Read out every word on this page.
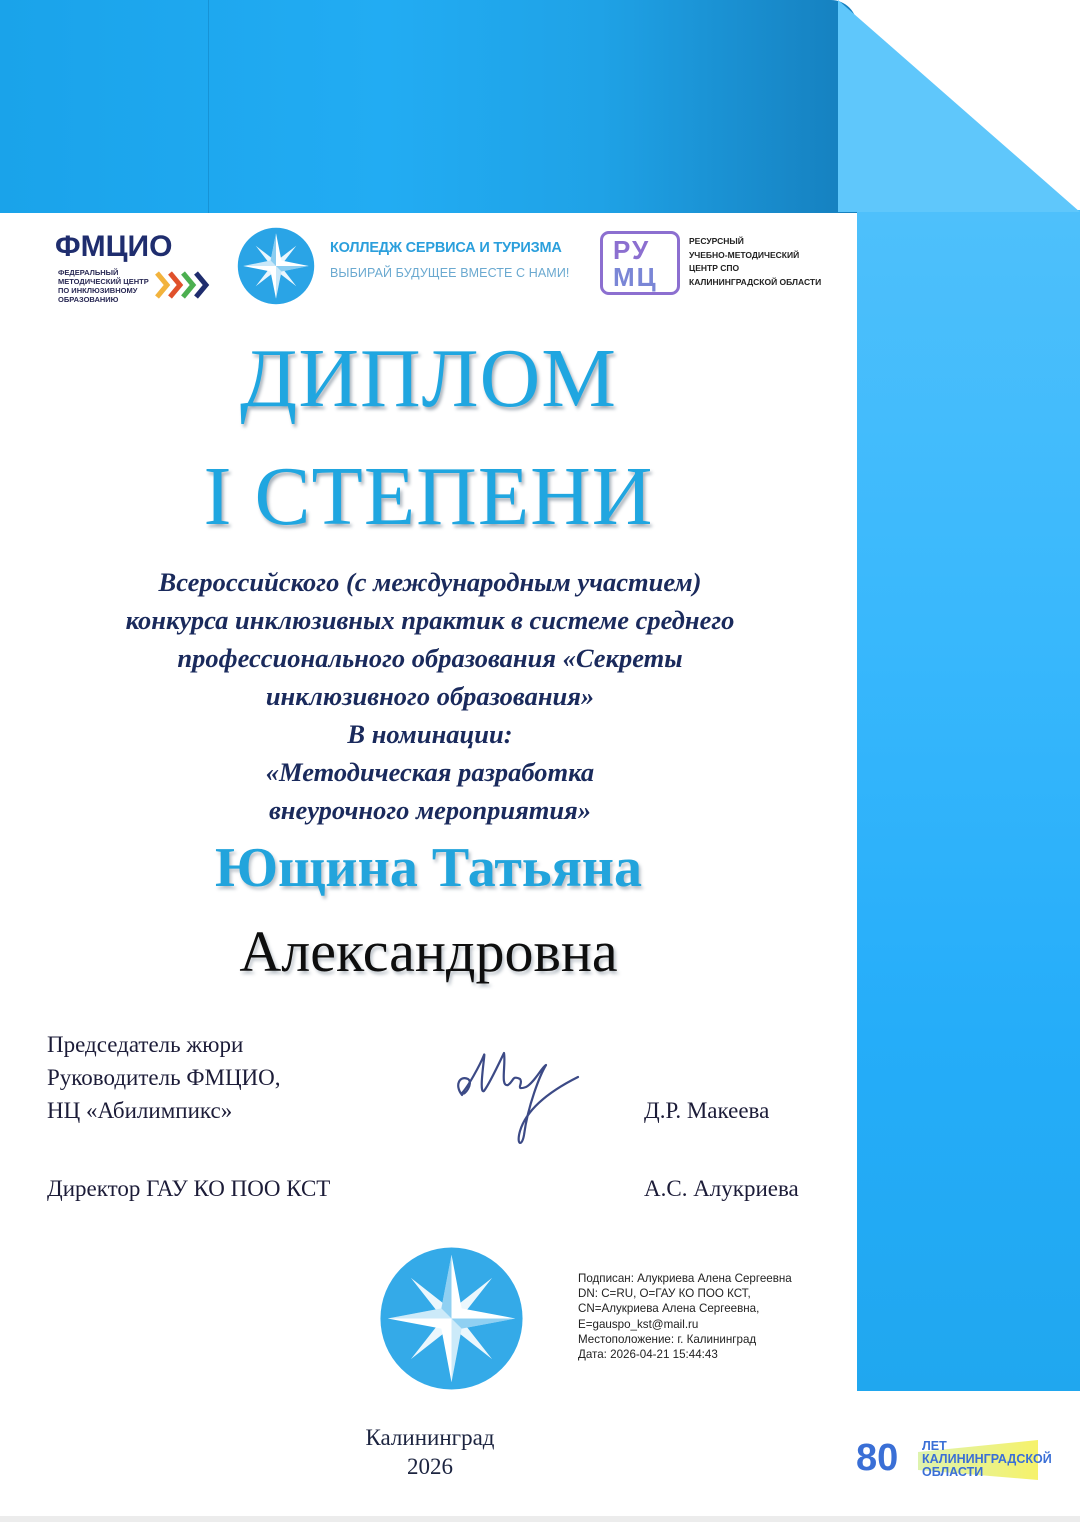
ФМЦИО
ФЕДЕРАЛЬНЫЙ
МЕТОДИЧЕСКИЙ ЦЕНТР
ПО ИНКЛЮЗИВНОМУ
ОБРАЗОВАНИЮ
КОЛЛЕДЖ СЕРВИСА И ТУРИЗМА
ВЫБИРАЙ БУДУЩЕЕ ВМЕСТЕ С НАМИ!
РУ
МЦ
РЕСУРСНЫЙ
УЧЕБНО-МЕТОДИЧЕСКИЙ
ЦЕНТР СПО
КАЛИНИНГРАДСКОЙ ОБЛАСТИ
ДИПЛОМ
I СТЕПЕНИ
Всероссийского (с международным участием)
конкурса инклюзивных практик в системе среднего
профессионального образования «Секреты
инклюзивного образования»
В номинации:
«Методическая разработка
внеурочного мероприятия»
Ющина Татьяна
Александровна
Председатель жюри
Руководитель ФМЦИО,
НЦ «Абилимпикс»	Д.Р. Макеева
Директор ГАУ КО ПОО КСТ	А.С. Алукриева
Подписан: Алукриева Алена Сергеевна
DN: C=RU, O=ГАУ КО ПОО КСТ,
CN=Алукриева Алена Сергеевна,
E=gauspo_kst@mail.ru
Местоположение: г. Калининград
Дата: 2026-04-21 15:44:43
Калининград
2026	80 ЛЕТ
КАЛИНИНГРАДСКОЙ
ОБЛАСТИ
